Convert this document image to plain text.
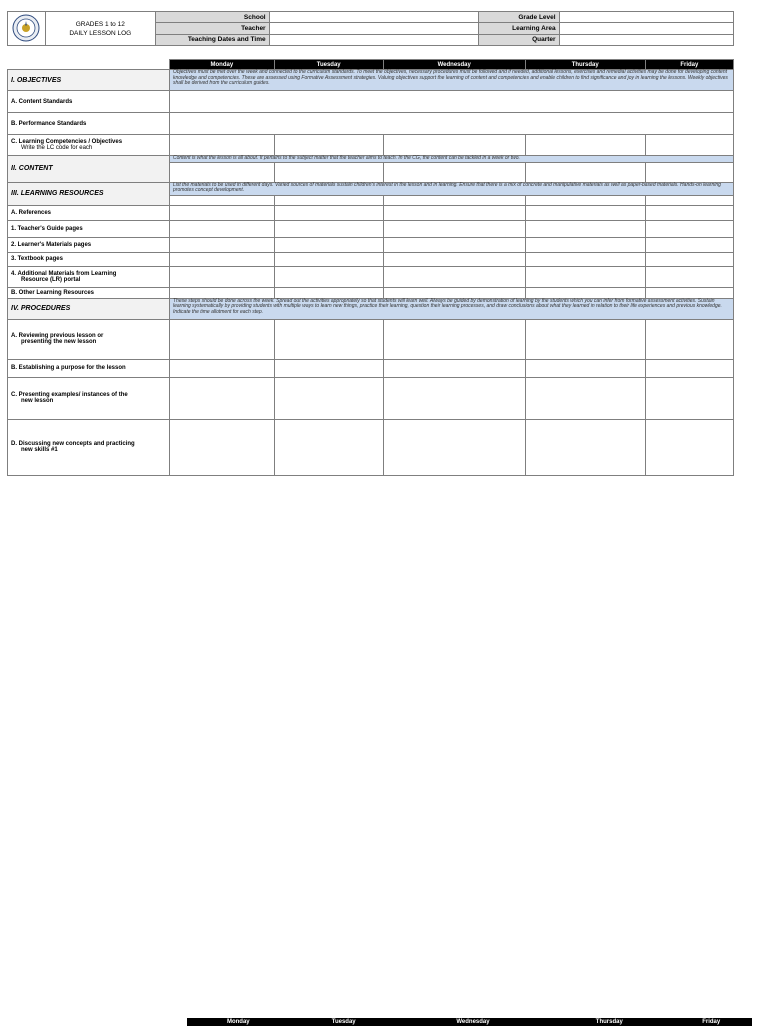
GRADES 1 to 12
DAILY LESSON LOG	School		Grade Level	
		Teacher		Learning Area	
		Teaching Dates and Time		Quarter	
	Monday	Tuesday	Wednesday	Thursday	Friday
I. OBJECTIVES	Objectives must be met over the week and connected to the curriculum standards. To meet the objectives, necessary procedures must be followed and if needed, additional lessons, exercises and remedial activities may be done for developing content knowledge and competencies. These are assessed using Formative Assessment strategies. Valuing objectives support the learning of content and competencies and enable children to find significance and joy in learning the lessons. Weekly objectives shall be derived from the curriculum guides.				
A. Content Standards					
B. Performance Standards					
C. Learning Competencies / Objectives
Write the LC code for each					

II. CONTENT	Content is what the lesson is all about. It pertains to the subject matter that the teacher aims to teach. In the CG, the content can be tackled in a week or two.				

III. LEARNING RESOURCES	List the materials to be used in different days. Varied sources of materials sustain children's interest in the lesson and in learning. Ensure that there is a mix of concrete and manipulative materials as well as paper-based materials. Hands-on learning promotes concept development.				

A. References					
1. Teacher's Guide pages					
2. Learner's Materials pages					
3. Textbook pages					
4. Additional Materials from Learning
Resource (LR) portal					

B. Other Learning Resources					
IV. PROCEDURES	These steps should be done across the week. Spread out the activities appropriately so that students will learn well. Always be guided by demonstration of learning by the students which you can infer from formative assessment activities. Sustain learning systematically by providing students with multiple ways to learn new things, practice their learning, question their learning processes, and draw conclusions about what they learned in relation to their life experiences and previous knowledge. Indicate the time allotment for each step.				
A. Reviewing previous lesson or
presenting the new lesson					

B. Establishing a purpose for the lesson					
C. Presenting examples/ instances of the
new lesson					

D. Discussing new concepts and practicing
new skills #1					

Monday	Tuesday	Wednesday	Thursday	Friday
